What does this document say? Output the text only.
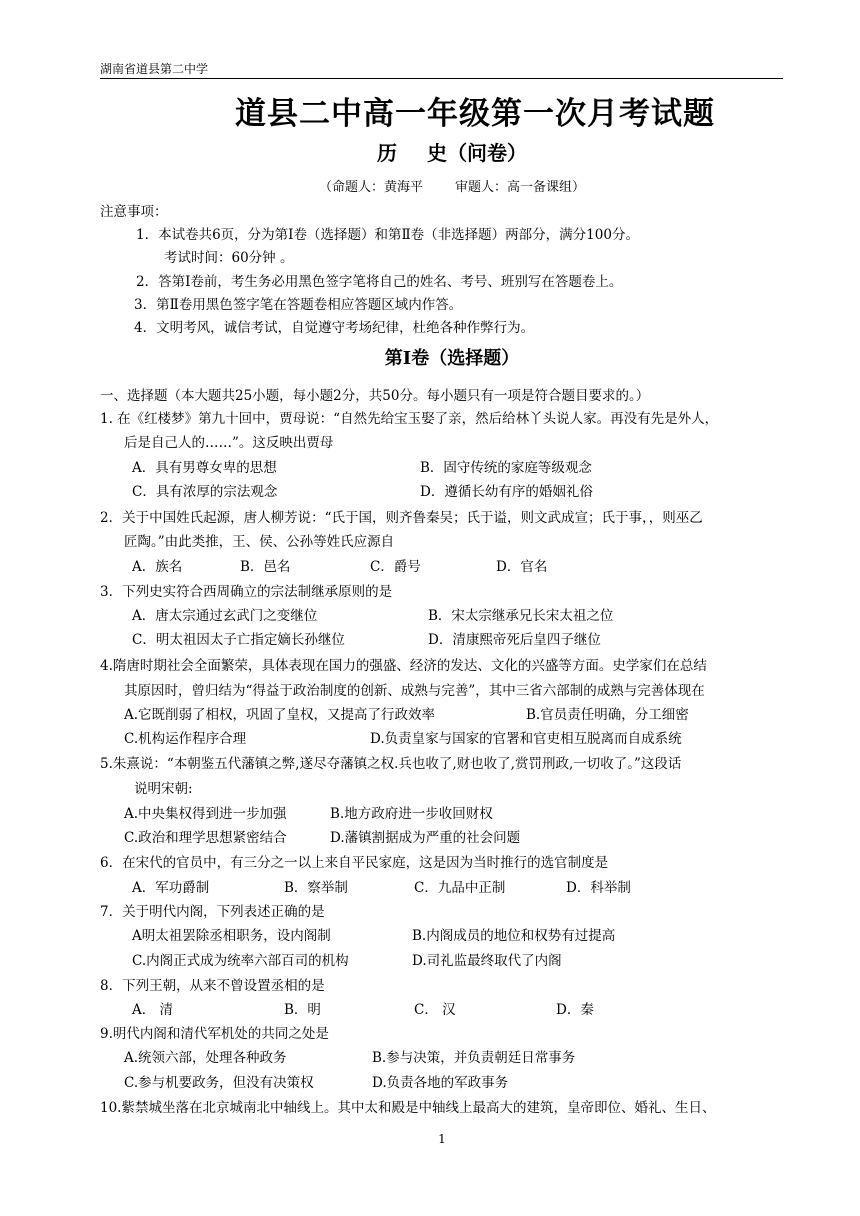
湖南省道县第二中学
道县二中高一年级第一次月考试题
历 史（问卷）
（命题人：黄海平 审题人：高一备课组）
注意事项：
1．本试卷共6页，分为第Ⅰ卷（选择题）和第Ⅱ卷（非选择题）两部分，满分100分。
考试时间：60分钟 。
2．答第Ⅰ卷前，考生务必用黑色签字笔将自己的姓名、考号、班别写在答题卷上。
3．第Ⅱ卷用黑色签字笔在答题卷相应答题区域内作答。
4．文明考风，诚信考试，自觉遵守考场纪律，杜绝各种作弊行为。
第Ⅰ卷（选择题）
一、选择题（本大题共25小题，每小题2分，共50分。每小题只有一项是符合题目要求的。）
1. 在《红楼梦》第九十回中，贾母说：“自然先给宝玉娶了亲，然后给林丫头说人家。再没有先是外人，
后是自己人的……”。这反映出贾母
A．具有男尊女卑的思想	B．固守传统的家庭等级观念
C．具有浓厚的宗法观念	D．遵循长幼有序的婚姻礼俗
2．关于中国姓氏起源，唐人柳芳说：“氏于国，则齐鲁秦吴；氏于谥，则文武成宣；氏于事，，则巫乙
匠陶。”由此类推，王、侯、公孙等姓氏应源自
A．族名	B．邑名	C．爵号	D．官名
3．下列史实符合西周确立的宗法制继承原则的是
A．唐太宗通过玄武门之变继位	B．宋太宗继承兄长宋太祖之位
C．明太祖因太子亡指定嫡长孙继位	D．清康熙帝死后皇四子继位
4.隋唐时期社会全面繁荣，具体表现在国力的强盛、经济的发达、文化的兴盛等方面。史学家们在总结
其原因时，曾归结为“得益于政治制度的创新、成熟与完善”，其中三省六部制的成熟与完善体现在
A.它既削弱了相权，巩固了皇权，又提高了行政效率	B.官员责任明确，分工细密
C.机构运作程序合理	D.负责皇家与国家的官署和官吏相互脱离而自成系统
5.朱熹说：“本朝鉴五代藩镇之弊,遂尽夺藩镇之权.兵也收了,财也收了,赏罚刑政,一切收了。”这段话
说明宋朝:
A.中央集权得到进一步加强	B.地方政府进一步收回财权
C.政治和理学思想紧密结合	D.藩镇割据成为严重的社会问题
6．在宋代的官员中，有三分之一以上来自平民家庭，这是因为当时推行的选官制度是
A．军功爵制	B．察举制	C．九品中正制	D．科举制
7．关于明代内阁，下列表述正确的是
A明太祖罢除丞相职务，设内阁制	B.内阁成员的地位和权势有过提高
C.内阁正式成为统率六部百司的机构	D.司礼监最终取代了内阁
8．下列王朝，从来不曾设置丞相的是
A． 清	B．明	C． 汉	D．秦
9.明代内阁和清代军机处的共同之处是
A.统领六部，处理各种政务	B.参与决策，并负责朝廷日常事务
C.参与机要政务，但没有决策权	D.负责各地的军政事务
10.紫禁城坐落在北京城南北中轴线上。其中太和殿是中轴线上最高大的建筑，皇帝即位、婚礼、生日、
1
